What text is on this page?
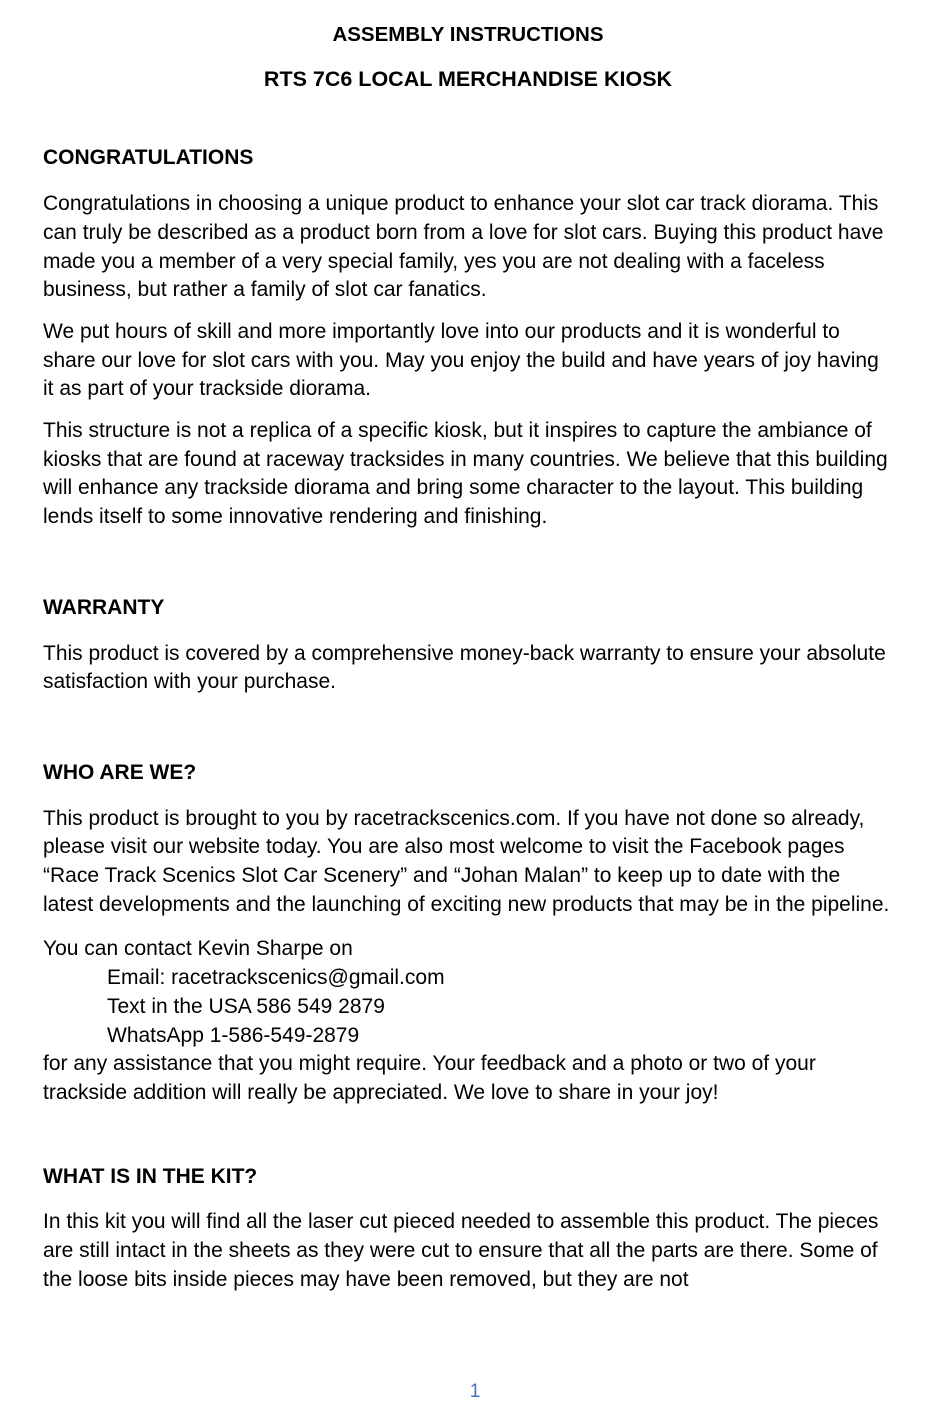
ASSEMBLY INSTRUCTIONS
RTS 7C6 LOCAL MERCHANDISE KIOSK
CONGRATULATIONS

Congratulations in choosing a unique product to enhance your slot car track diorama. This can truly be described as a product born from a love for slot cars. Buying this product have made you a member of a very special family, yes you are not dealing with a faceless business, but rather a family of slot car fanatics.

We put hours of skill and more importantly love into our products and it is wonderful to share our love for slot cars with you. May you enjoy the build and have years of joy having it as part of your trackside diorama.

This structure is not a replica of a specific kiosk, but it inspires to capture the ambiance of kiosks that are found at raceway tracksides in many countries. We believe that this building will enhance any trackside diorama and bring some character to the layout. This building lends itself to some innovative rendering and finishing.

WARRANTY

This product is covered by a comprehensive money-back warranty to ensure your absolute satisfaction with your purchase.

WHO ARE WE?

This product is brought to you by racetrackscenics.com. If you have not done so already, please visit our website today. You are also most welcome to visit the Facebook pages “Race Track Scenics Slot Car Scenery” and “Johan Malan” to keep up to date with the latest developments and the launching of exciting new products that may be in the pipeline.

You can contact Kevin Sharpe on

Email: racetrackscenics@gmail.com

Text in the USA 586 549 2879

WhatsApp 1-586-549-2879

for any assistance that you might require. Your feedback and a photo or two of your trackside addition will really be appreciated. We love to share in your joy!

WHAT IS IN THE KIT?

In this kit you will find all the laser cut pieced needed to assemble this product. The pieces are still intact in the sheets as they were cut to ensure that all the parts are there. Some of the loose bits inside pieces may have been removed, but they are not

1
